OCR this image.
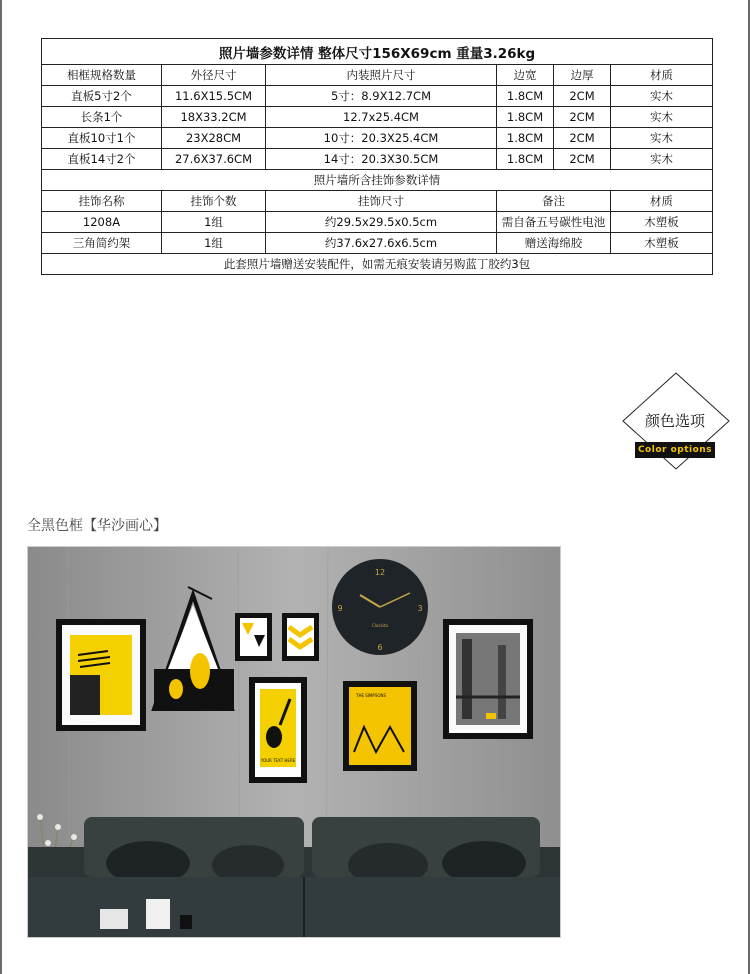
照片墙参数详情 整体尺寸156X69cm 重量3.26kg					
相框规格数量	外径尺寸	内装照片尺寸	边宽	边厚	材质
直板5寸2个	11.6X15.5CM	5寸：8.9X12.7CM	1.8CM	2CM	实木
长条1个	18X33.2CM	12.7x25.4CM	1.8CM	2CM	实木
直板10寸1个	23X28CM	10寸：20.3X25.4CM	1.8CM	2CM	实木
直板14寸2个	27.6X37.6CM	14寸：20.3X30.5CM	1.8CM	2CM	实木
照片墙所含挂饰参数详情					
挂饰名称	挂饰个数	挂饰尺寸	备注		材质
1208A	1组	约29.5x29.5x0.5cm	需自备五号碳性电池		木塑板
三角简约架	1组	约37.6x27.6x6.5cm	赠送海绵胶		木塑板
此套照片墙赠送安装配件，如需无痕安装请另购蓝丁胶约3包					
颜色选项
Color options
全黑色框【华沙画心】
CONTENT
12
3
6
9
Clockita
YOUR TEXT HERE
THE SIMPSONS
